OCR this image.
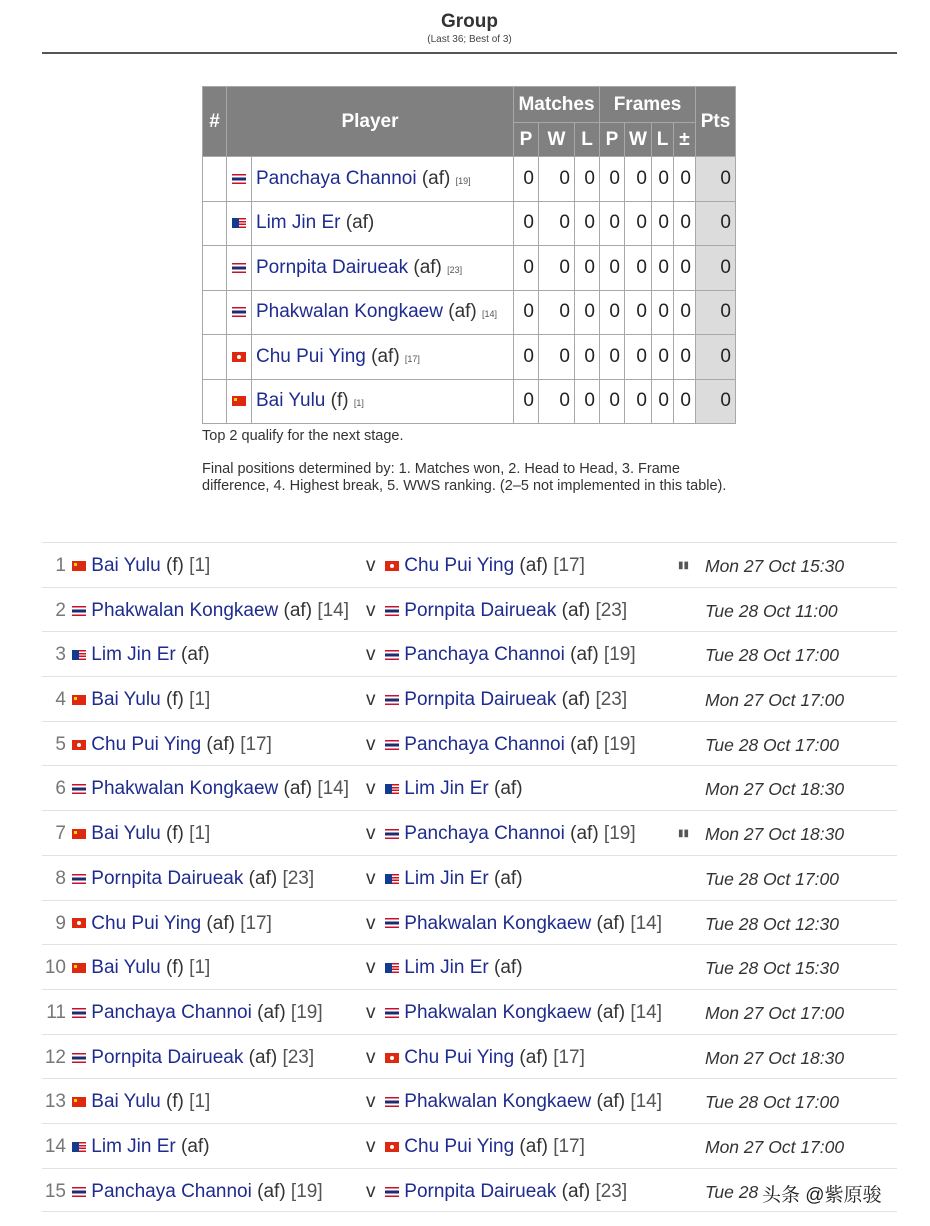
Group
(Last 36; Best of 3)
#	Player		Matches			Frames				Pts
			P	W	L	P	W	L	±	
		Panchaya Channoi (af) [19]	0	0	0	0	0	0	0	0
		Lim Jin Er (af)	0	0	0	0	0	0	0	0
		Pornpita Dairueak (af) [23]	0	0	0	0	0	0	0	0
		Phakwalan Kongkaew (af) [14]	0	0	0	0	0	0	0	0
		Chu Pui Ying (af) [17]	0	0	0	0	0	0	0	0
		Bai Yulu (f) [1]	0	0	0	0	0	0	0	0

Top 2 qualify for the next stage.

Final positions determined by: 1. Matches won, 2. Head to Head, 3. Frame difference, 4. Highest break, 5. WWS ranking. (2–5 not implemented in this table).

1	Bai Yulu (f) [1]	v	Chu Pui Ying (af) [17]	▮▮ Mon 27 Oct 15:30
2	Phakwalan Kongkaew (af) [14] v	Pornpita Dairueak (af) [23]	Tue 28 Oct 11:00
3	Lim Jin Er (af)	v	Panchaya Channoi (af) [19]	Tue 28 Oct 17:00
4	Bai Yulu (f) [1]	v	Pornpita Dairueak (af) [23]	Mon 27 Oct 17:00
5	Chu Pui Ying (af) [17]	v	Panchaya Channoi (af) [19]	Tue 28 Oct 17:00
6	Phakwalan Kongkaew (af) [14] v	Lim Jin Er (af)	Mon 27 Oct 18:30
7	Bai Yulu (f) [1]	v	Panchaya Channoi (af) [19]	▮▮ Mon 27 Oct 18:30
8	Pornpita Dairueak (af) [23]	v	Lim Jin Er (af)	Tue 28 Oct 17:00
9	Chu Pui Ying (af) [17]	v	Phakwalan Kongkaew (af) [14] Tue 28 Oct 12:30
10	Bai Yulu (f) [1]	v	Lim Jin Er (af)	Tue 28 Oct 15:30
11	Panchaya Channoi (af) [19] v	Phakwalan Kongkaew (af) [14] Mon 27 Oct 17:00
12	Pornpita Dairueak (af) [23]	v	Chu Pui Ying (af) [17]	Mon 27 Oct 18:30
13	Bai Yulu (f) [1]	v	Phakwalan Kongkaew (af) [14] Tue 28 Oct 17:00
14	Lim Jin Er (af)	v	Chu Pui Ying (af) [17]	Mon 27 Oct 17:00
15	Panchaya Channoi (af) [19] v	Pornpita Dairueak (af) [23]	Tue 28 头条 @紫原骏
